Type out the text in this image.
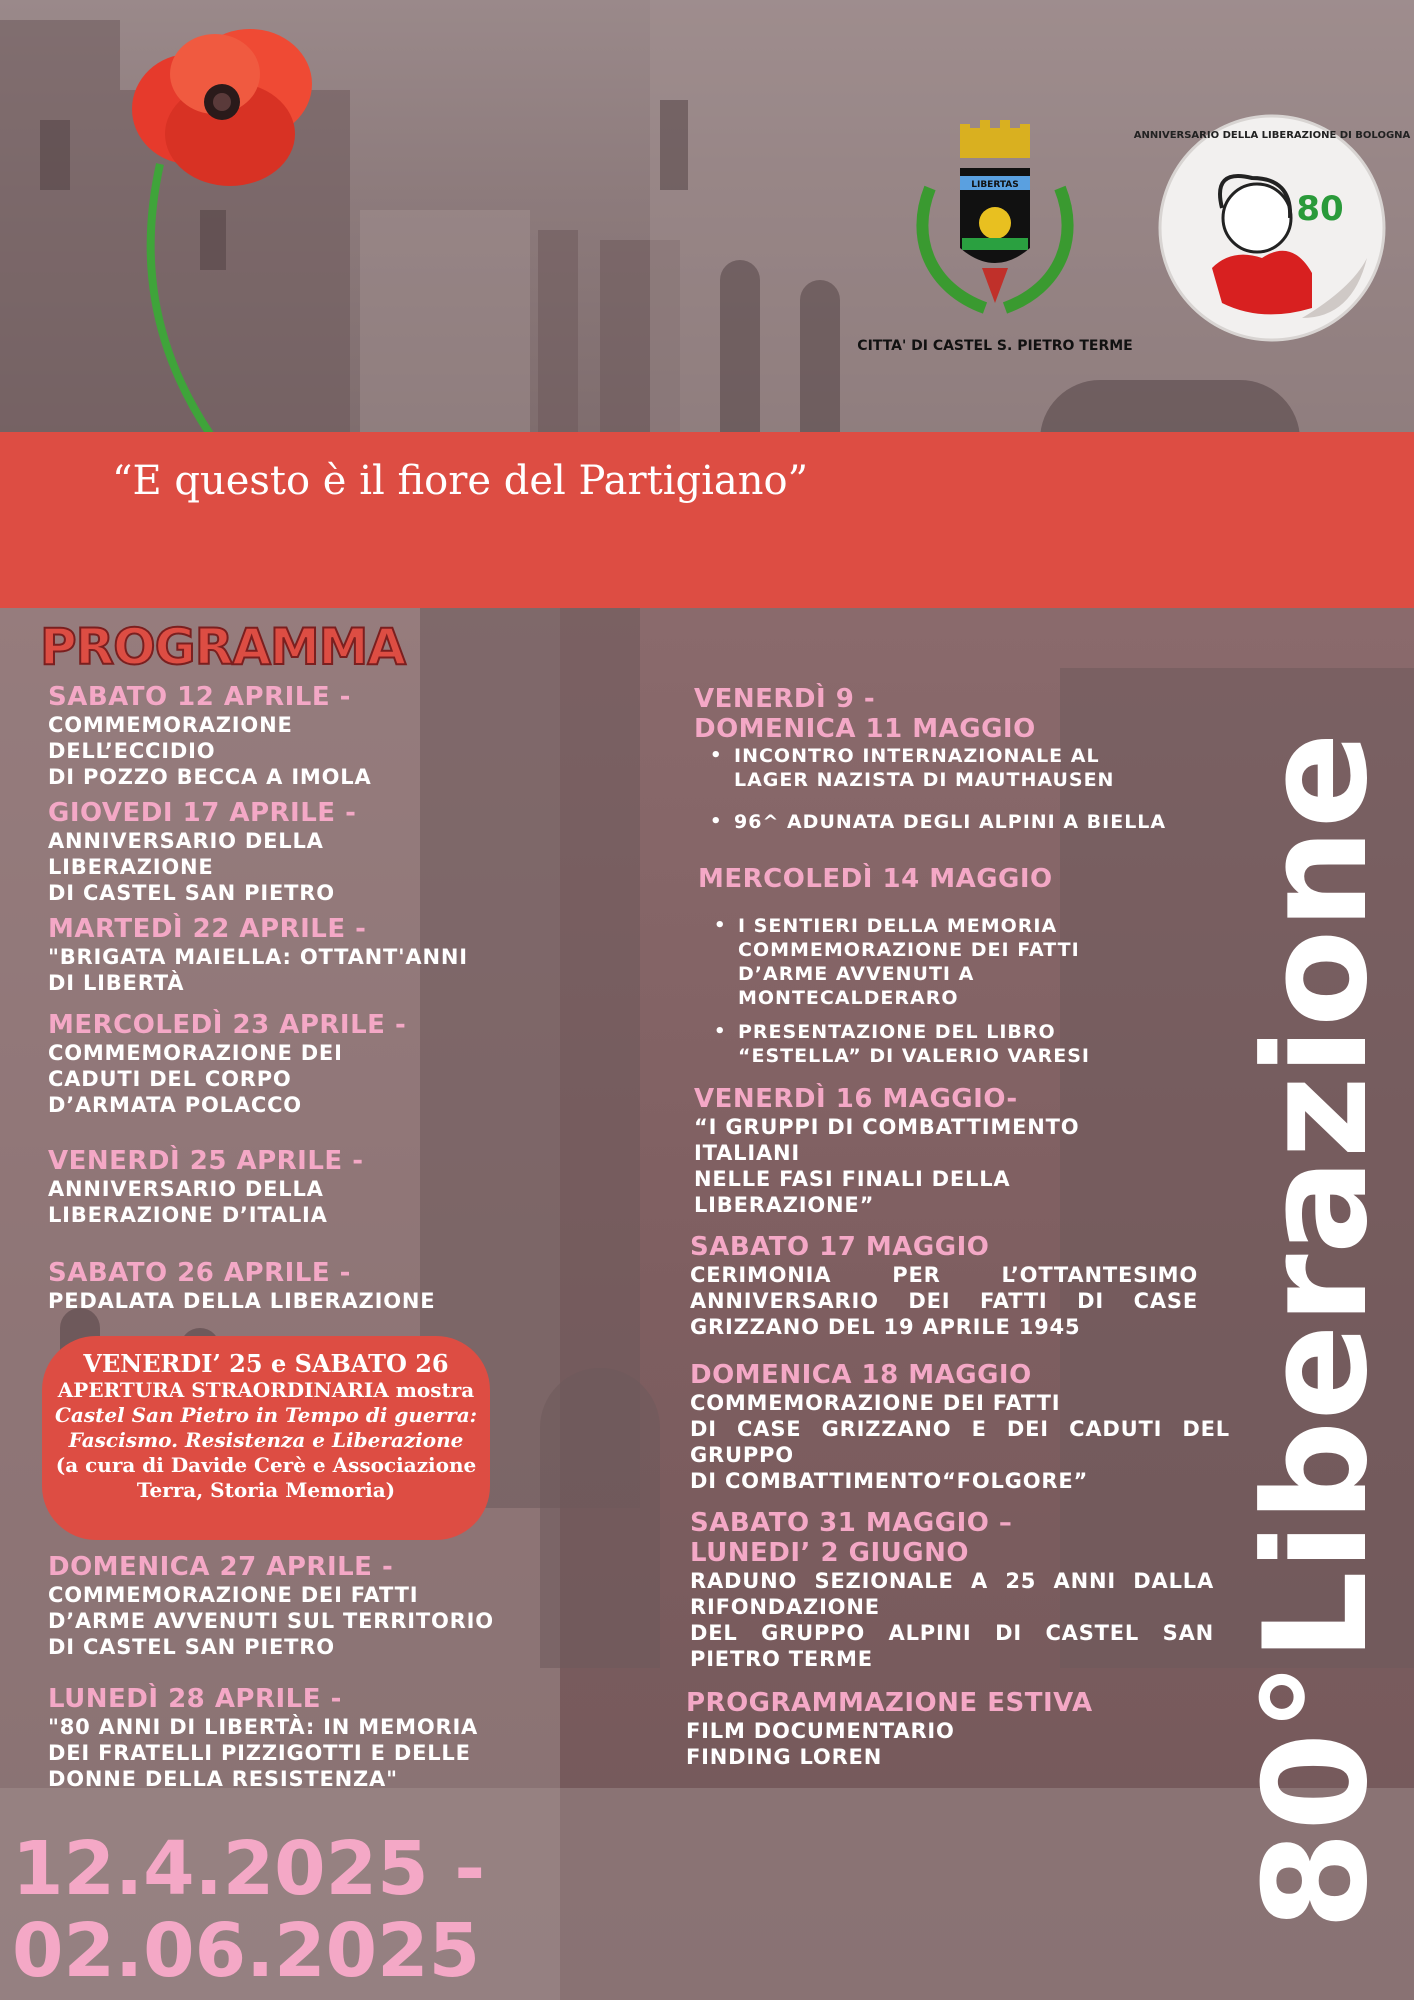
LIBERTAS
CITTA' DI CASTEL S. PIETRO TERME
80
ANNIVERSARIO DELLA LIBERAZIONE DI BOLOGNA
“E questo è il fiore del Partigiano”
PROGRAMMA
SABATO 12 APRILE -
COMMEMORAZIONE
DELL’ECCIDIO
DI POZZO BECCA A IMOLA
GIOVEDI 17 APRILE -
ANNIVERSARIO DELLA
LIBERAZIONE
DI CASTEL SAN PIETRO
MARTEDÌ 22 APRILE -
"BRIGATA MAIELLA: OTTANT'ANNI
DI LIBERTÀ
MERCOLEDÌ 23 APRILE -
COMMEMORAZIONE DEI
CADUTI DEL CORPO
D’ARMATA POLACCO
VENERDÌ 25 APRILE -
ANNIVERSARIO DELLA
LIBERAZIONE D’ITALIA
SABATO 26 APRILE -
PEDALATA DELLA LIBERAZIONE
VENERDI’ 25 e SABATO 26
APERTURA STRAORDINARIA mostra
Castel San Pietro in Tempo di guerra:
Fascismo. Resistenza e Liberazione
(a cura di Davide Cerè e Associazione
Terra, Storia Memoria)
DOMENICA 27 APRILE -
COMMEMORAZIONE DEI FATTI
D’ARME AVVENUTI SUL TERRITORIO
DI CASTEL SAN PIETRO
LUNEDÌ 28 APRILE -
"80 ANNI DI LIBERTÀ: IN MEMORIA
DEI FRATELLI PIZZIGOTTI E DELLE
DONNE DELLA RESISTENZA"
VENERDÌ 9 -
DOMENICA 11 MAGGIO
• INCONTRO INTERNAZIONALE AL
LAGER NAZISTA DI MAUTHAUSEN
• 96^ ADUNATA DEGLI ALPINI A BIELLA
MERCOLEDÌ 14 MAGGIO
• I SENTIERI DELLA MEMORIA
COMMEMORAZIONE DEI FATTI
D’ARME AVVENUTI A
MONTECALDERARO
• PRESENTAZIONE DEL LIBRO
“ESTELLA” DI VALERIO VARESI
VENERDÌ 16 MAGGIO-
“I GRUPPI DI COMBATTIMENTO
ITALIANI
NELLE FASI FINALI DELLA
LIBERAZIONE”
SABATO 17 MAGGIO
CERIMONIA PER L’OTTANTESIMO
ANNIVERSARIO DEI FATTI DI CASE
GRIZZANO DEL 19 APRILE 1945
DOMENICA 18 MAGGIO
COMMEMORAZIONE DEI FATTI
DI CASE GRIZZANO E DEI CADUTI DEL
GRUPPO
DI COMBATTIMENTO“FOLGORE”
SABATO 31 MAGGIO –
LUNEDI’ 2 GIUGNO
RADUNO SEZIONALE A 25 ANNI DALLA
RIFONDAZIONE
DEL GRUPPO ALPINI DI CASTEL SAN
PIETRO TERME
PROGRAMMAZIONE ESTIVA
FILM DOCUMENTARIO
FINDING LOREN
12.4.2025 -
02.06.2025
80°Liberazione
